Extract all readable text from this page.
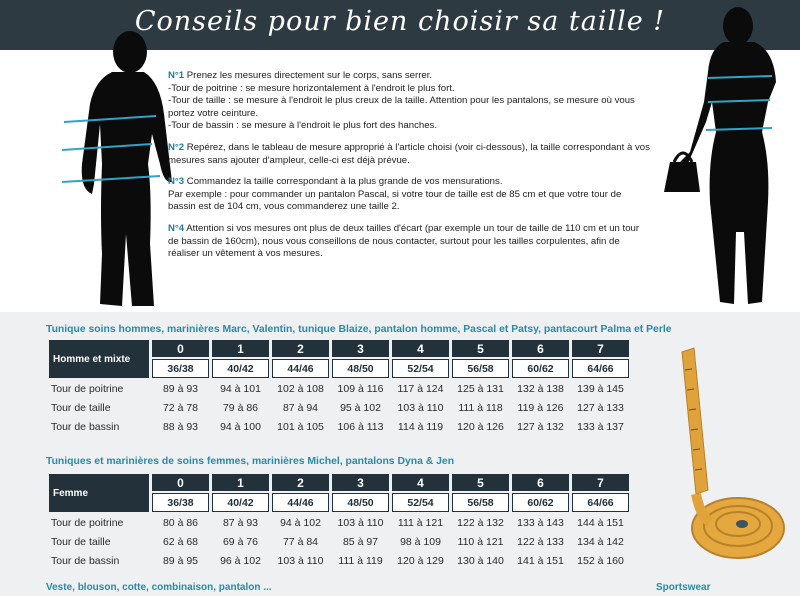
Conseils pour bien choisir sa taille !

N°1 Prenez les mesures directement sur le corps, sans serrer.
-Tour de poitrine : se mesure horizontalement à l'endroit le plus fort.
-Tour de taille : se mesure à l'endroit le plus creux de la taille. Attention pour les pantalons, se mesure où vous portez votre ceinture.
-Tour de bassin : se mesure à l'endroit le plus fort des hanches.

N°2 Repérez, dans le tableau de mesure approprié à l'article choisi (voir ci-dessous), la taille correspondant à vos mesures sans ajouter d'ampleur, celle-ci est déjà prévue.

N°3 Commandez la taille correspondant à la plus grande de vos mensurations.
Par exemple : pour commander un pantalon Pascal, si votre tour de taille est de 85 cm et que votre tour de bassin est de 104 cm, vous commanderez une taille 2.

N°4 Attention si vos mesures ont plus de deux tailles d'écart (par exemple un tour de taille de 110 cm et un tour de bassin de 160cm), nous vous conseillons de nous contacter, surtout pour les tailles corpulentes, afin de réaliser un vêtement à vos mesures.

Tunique soins hommes, marinières Marc, Valentin, tunique Blaize, pantalon homme, Pascal et Patsy, pantacourt Palma et Perle
Homme et mixte	0	1	2	3	4	5	6	7
	36/38	40/42	44/46	48/50	52/54	56/58	60/62	64/66
Tour de poitrine	89 à 93	94 à 101	102 à 108	109 à 116	117 à 124	125 à 131	132 à 138	139 à 145
Tour de taille	72 à 78	79 à 86	87 à 94	95 à 102	103 à 110	111 à 118	119 à 126	127 à 133
Tour de bassin	88 à 93	94 à 100	101 à 105	106 à 113	114 à 119	120 à 126	127 à 132	133 à 137
Tuniques et marinières de soins femmes, marinières Michel, pantalons Dyna & Jen
Femme	0	1	2	3	4	5	6	7
	36/38	40/42	44/46	48/50	52/54	56/58	60/62	64/66
Tour de poitrine	80 à 86	87 à 93	94 à 102	103 à 110	111 à 121	122 à 132	133 à 143	144 à 151
Tour de taille	62 à 68	69 à 76	77 à 84	85 à 97	98 à 109	110 à 121	122 à 133	134 à 142
Tour de bassin	89 à 95	96 à 102	103 à 110	111 à 119	120 à 129	130 à 140	141 à 151	152 à 160
Veste, blouson, cotte, combinaison, pantalon ...	Sportswear
